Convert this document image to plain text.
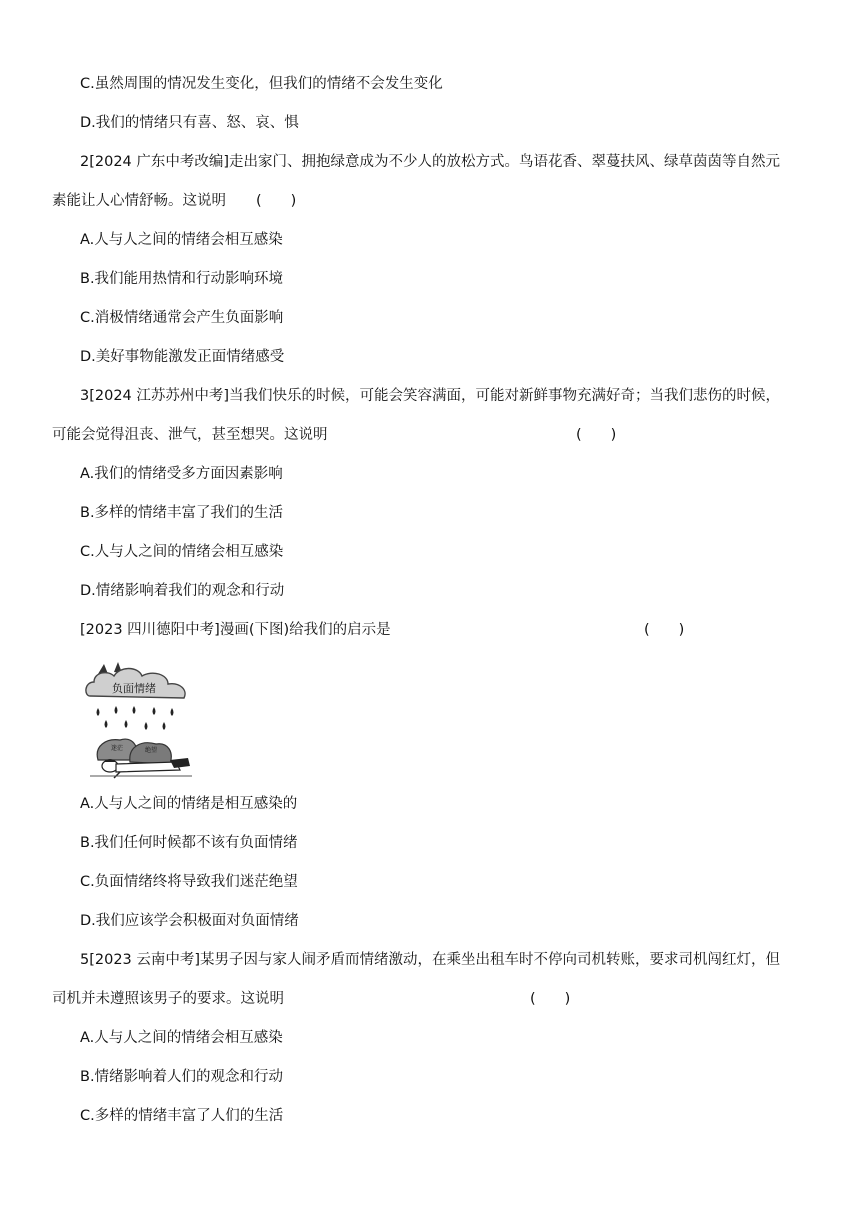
C.虽然周围的情况发生变化，但我们的情绪不会发生变化
D.我们的情绪只有喜、怒、哀、惧
2[2024 广东中考改编]走出家门、拥抱绿意成为不少人的放松方式。鸟语花香、翠蔓扶风、绿草茵茵等自然元
素能让人心情舒畅。这说明 (　　)
A.人与人之间的情绪会相互感染
B.我们能用热情和行动影响环境
C.消极情绪通常会产生负面影响
D.美好事物能激发正面情绪感受
3[2024 江苏苏州中考]当我们快乐的时候，可能会笑容满面，可能对新鲜事物充满好奇；当我们悲伤的时候，
可能会觉得沮丧、泄气，甚至想哭。这说明	(　　)
A.我们的情绪受多方面因素影响
B.多样的情绪丰富了我们的生活
C.人与人之间的情绪会相互感染
D.情绪影响着我们的观念和行动
[2023 四川德阳中考]漫画(下图)给我们的启示是	(　　)
负面情绪
迷茫	绝望
A.人与人之间的情绪是相互感染的
B.我们任何时候都不该有负面情绪
C.负面情绪终将导致我们迷茫绝望
D.我们应该学会积极面对负面情绪
5[2023 云南中考]某男子因与家人闹矛盾而情绪激动，在乘坐出租车时不停向司机转账，要求司机闯红灯，但
司机并未遵照该男子的要求。这说明	(　　)
A.人与人之间的情绪会相互感染
B.情绪影响着人们的观念和行动
C.多样的情绪丰富了人们的生活
